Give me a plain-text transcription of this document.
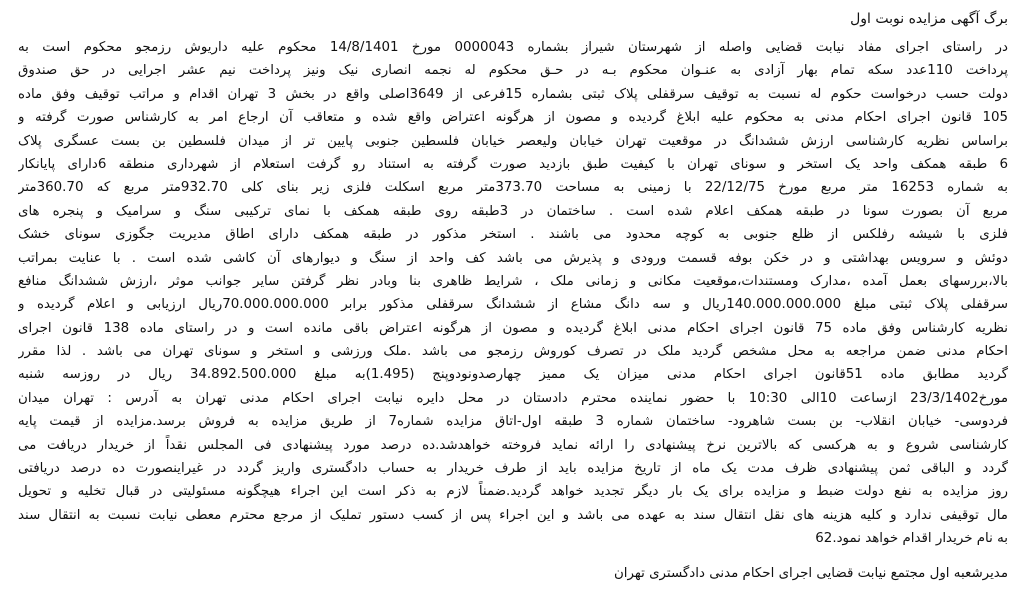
برگ آگهی مزایده نوبت اول
در راستای اجرای مفاد نیابت قضایی واصله از شهرستان شیراز بشماره 0000043 مورخ 14/8/1401 محکوم علیه داریوش رزمجو محکوم است به
پرداخت 110عدد سکه تمام بهار آزادی به عنـوان محکوم بـه در حـق محکوم له نجمه انصاری نیک ونیز پرداخت نیم عشر اجرایی در حق صندوق
دولت حسب درخواست حکوم له نسبت به توقیف سرقفلی پلاک ثبتی بشماره 15فرعی از 3649اصلی واقع در بخش 3 تهران اقدام و مراتب توقیف وفق ماده
105 قانون اجرای احکام مدنی به محکوم علیه ابلاغ گردیده و مصون از هرگونه اعتراض واقع شده و متعاقب آن ارجاع امر به کارشناس صورت گرفته و
براساس نظریه کارشناسی ارزش ششدانگ در موقعیت تهران خیابان ولیعصر خیابان فلسطین جنوبی پایین تر از میدان فلسطین بن بست عسگری پلاک
6 طبقه همکف واحد یک استخر و سونای تهران با کیفیت طبق بازدید صورت گرفته به استناد رو گرفت استعلام از شهرداری منطقه 6دارای پایانکار
به شماره 16253 متر مربع مورخ 22/12/75 با زمینی به مساحت 373.70متر مربع اسکلت فلزی زیر بنای کلی 932.70متر مربع که 360.70متر
مربع آن بصورت سونا در طبقه همکف اعلام شده است . ساختمان در 3طبقه روی طبقه همکف با نمای ترکیبی سنگ و سرامیک و پنجره های
فلزی با شیشه رفلکس از ظلع جنوبی به کوچه محدود می باشند . استخر مذکور در طبقه همکف دارای اطاق مدیریت جگوزی سونای خشک
دوئش و سرویس بهداشتی و در خکن بوفه قسمت ورودی و پذیرش می باشد کف واحد از سنگ و دیوارهای آن کاشی شده است . با عنایت بمراتب
بالا،بررسهای بعمل آمده ،مدارک ومستندات،موقعیت مکانی و زمانی ملک ، شرایط ظاهری بنا وبادر نظر گرفتن سایر جوانب موثر ،ارزش ششدانگ منافع
سرقفلی پلاک ثبتی مبلغ 140.000.000.000ریال و سه دانگ مشاع از ششدانگ سرقفلی مذکور برابر 70.000.000.000ریال ارزیابی و اعلام گردیده و
نظریه کارشناس وفق ماده 75 قانون اجرای احکام مدنی ابلاغ گردیده و مصون از هرگونه اعتراض باقی مانده است و در راستای ماده 138 قانون اجرای
احکام مدنی ضمن مراجعه به محل مشخص گردید ملک در تصرف کوروش رزمجو می باشد .ملک ورزشی و استخر و سونای تهران می باشد . لذا مقرر
گردید مطابق ماده 51قانون اجرای احکام مدنی میزان یک ممیز چهارصدونودوپنج (1.495)به مبلغ 34.892.500.000 ریال در روزسه شنبه
مورخ23/3/1402 ازساعت 10الی 10:30 با حضور نماینده محترم دادستان در محل دایره نیابت اجرای احکام مدنی تهران به آدرس : تهران میدان
فردوسی- خیابان انقلاب- بن بست شاهرود- ساختمان شماره 3 طبقه اول-اتاق مزایده شماره7 از طریق مزایده به فروش برسد.مزایده از قیمت پایه
کارشناسی شروع و به هرکسی که بالاترین نرخ پیشنهادی را ارائه نماید فروخته خواهدشد.ده درصد مورد پیشنهادی فی المجلس نقداً از خریدار دریافت می
گردد و الباقی ثمن پیشنهادی ظرف مدت یک ماه از تاریخ مزایده باید از طرف خریدار به حساب دادگستری واریز گردد در غیراینصورت ده درصد دریافتی
روز مزایده به نفع دولت ضبط و مزایده برای یک بار دیگر تجدید خواهد گردید.ضمناً لازم به ذکر است این اجراء هیچگونه مسئولیتی در قبال تخلیه و تحویل
مال توقیفی ندارد و کلیه هزینه های نقل انتقال سند به عهده می باشد و این اجراء پس از کسب دستور تملیک از مرجع محترم معطی نیابت نسبت به انتقال سند
به نام خریدار اقدام خواهد نمود.62
مدیرشعبه اول مجتمع نیابت قضایی اجرای احکام مدنی دادگستری تهران
